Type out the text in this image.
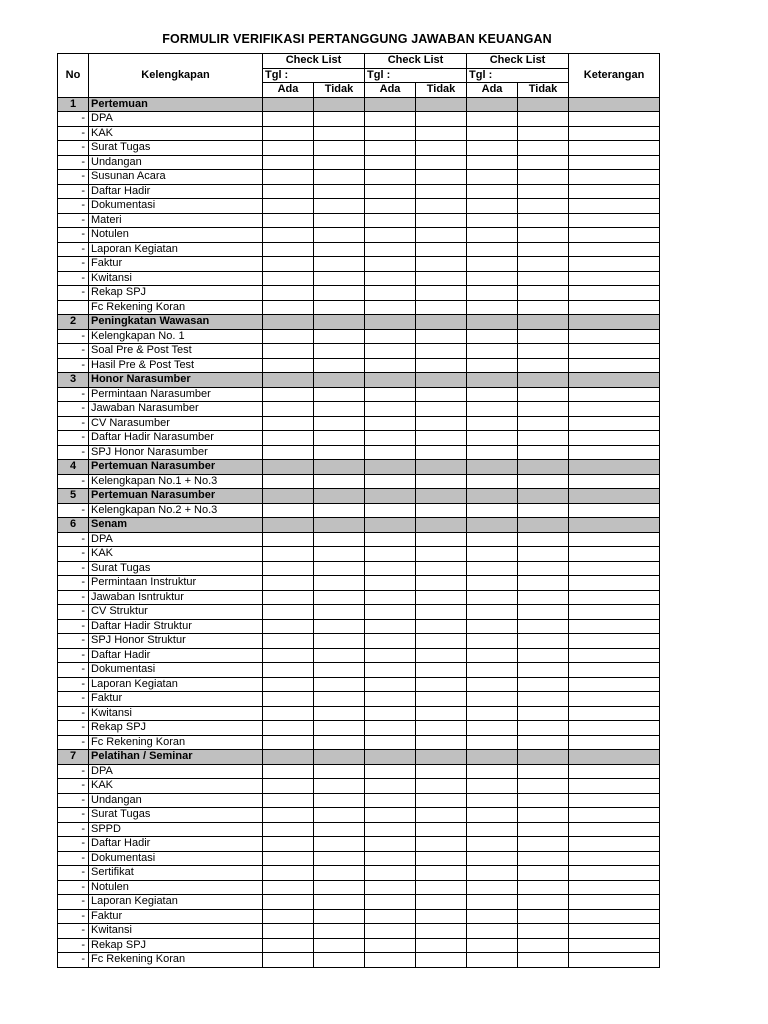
FORMULIR VERIFIKASI PERTANGGUNG JAWABAN KEUANGAN
No	Kelengkapan	Check List		Check List		Check List		Keterangan
		Tgl :		Tgl :		Tgl :		
		Ada	Tidak	Ada	Tidak	Ada	Tidak	
1	Pertemuan							
-	DPA							
-	KAK							
-	Surat Tugas							
-	Undangan							
-	Susunan Acara							
-	Daftar Hadir							
-	Dokumentasi							
-	Materi							
-	Notulen							
-	Laporan Kegiatan							
-	Faktur							
-	Kwitansi							
-	Rekap SPJ							
	Fc Rekening Koran							
2	Peningkatan Wawasan							
-	Kelengkapan No. 1							
-	Soal Pre & Post Test							
-	Hasil Pre & Post Test							
3	Honor Narasumber							
-	Permintaan Narasumber							
-	Jawaban Narasumber							
-	CV Narasumber							
-	Daftar Hadir Narasumber							
-	SPJ Honor Narasumber							
4	Pertemuan Narasumber							
-	Kelengkapan No.1 + No.3							
5	Pertemuan Narasumber							
-	Kelengkapan No.2 + No.3							
6	Senam							
-	DPA							
-	KAK							
-	Surat Tugas							
-	Permintaan Instruktur							
-	Jawaban Isntruktur							
-	CV Struktur							
-	Daftar Hadir Struktur							
-	SPJ Honor Struktur							
-	Daftar Hadir							
-	Dokumentasi							
-	Laporan Kegiatan							
-	Faktur							
-	Kwitansi							
-	Rekap SPJ							
-	Fc Rekening Koran							
7	Pelatihan / Seminar							
-	DPA							
-	KAK							
-	Undangan							
-	Surat Tugas							
-	SPPD							
-	Daftar Hadir							
-	Dokumentasi							
-	Sertifikat							
-	Notulen							
-	Laporan Kegiatan							
-	Faktur							
-	Kwitansi							
-	Rekap SPJ							
-	Fc Rekening Koran							
